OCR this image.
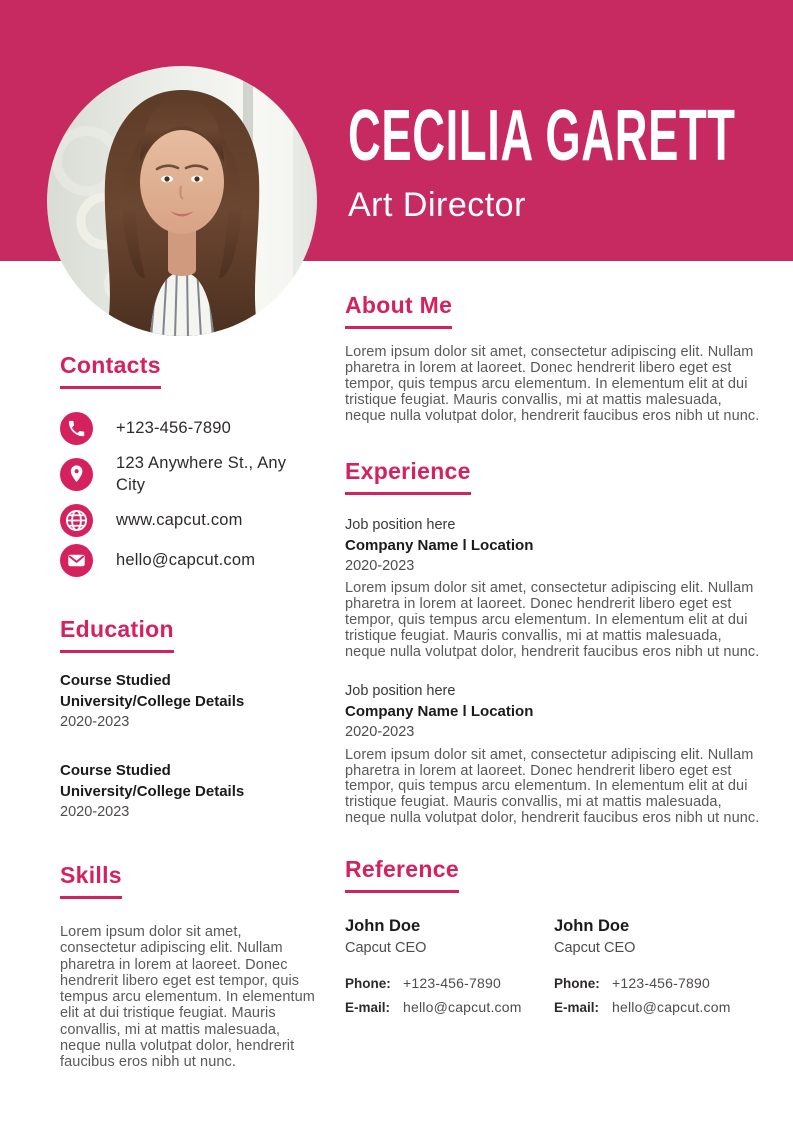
CECILIA GARETT
Art Director
Contacts
+123-456-7890
123 Anywhere St., Any City
www.capcut.com
hello@capcut.com
Education
Course Studied
University/College Details
2020-2023
Course Studied
University/College Details
2020-2023
Skills

Lorem ipsum dolor sit amet, consectetur adipiscing elit. Nullam pharetra in lorem at laoreet. Donec hendrerit libero eget est tempor, quis tempus arcu elementum. In elementum elit at dui tristique feugiat. Mauris convallis, mi at mattis malesuada, neque nulla volutpat dolor, hendrerit faucibus eros nibh ut nunc.

About Me

Lorem ipsum dolor sit amet, consectetur adipiscing elit. Nullam pharetra in lorem at laoreet. Donec hendrerit libero eget est tempor, quis tempus arcu elementum. In elementum elit at dui tristique feugiat. Mauris convallis, mi at mattis malesuada, neque nulla volutpat dolor, hendrerit faucibus eros nibh ut nunc.

Experience
Job position here
Company Name l Location
2020-2023

Lorem ipsum dolor sit amet, consectetur adipiscing elit. Nullam pharetra in lorem at laoreet. Donec hendrerit libero eget est tempor, quis tempus arcu elementum. In elementum elit at dui tristique feugiat. Mauris convallis, mi at mattis malesuada, neque nulla volutpat dolor, hendrerit faucibus eros nibh ut nunc.

Job position here
Company Name l Location
2020-2023

Lorem ipsum dolor sit amet, consectetur adipiscing elit. Nullam pharetra in lorem at laoreet. Donec hendrerit libero eget est tempor, quis tempus arcu elementum. In elementum elit at dui tristique feugiat. Mauris convallis, mi at mattis malesuada, neque nulla volutpat dolor, hendrerit faucibus eros nibh ut nunc.

Reference
John Doe
Capcut CEO
Phone: +123-456-7890
E-mail: hello@capcut.com
John Doe
Capcut CEO
Phone: +123-456-7890
E-mail: hello@capcut.com
